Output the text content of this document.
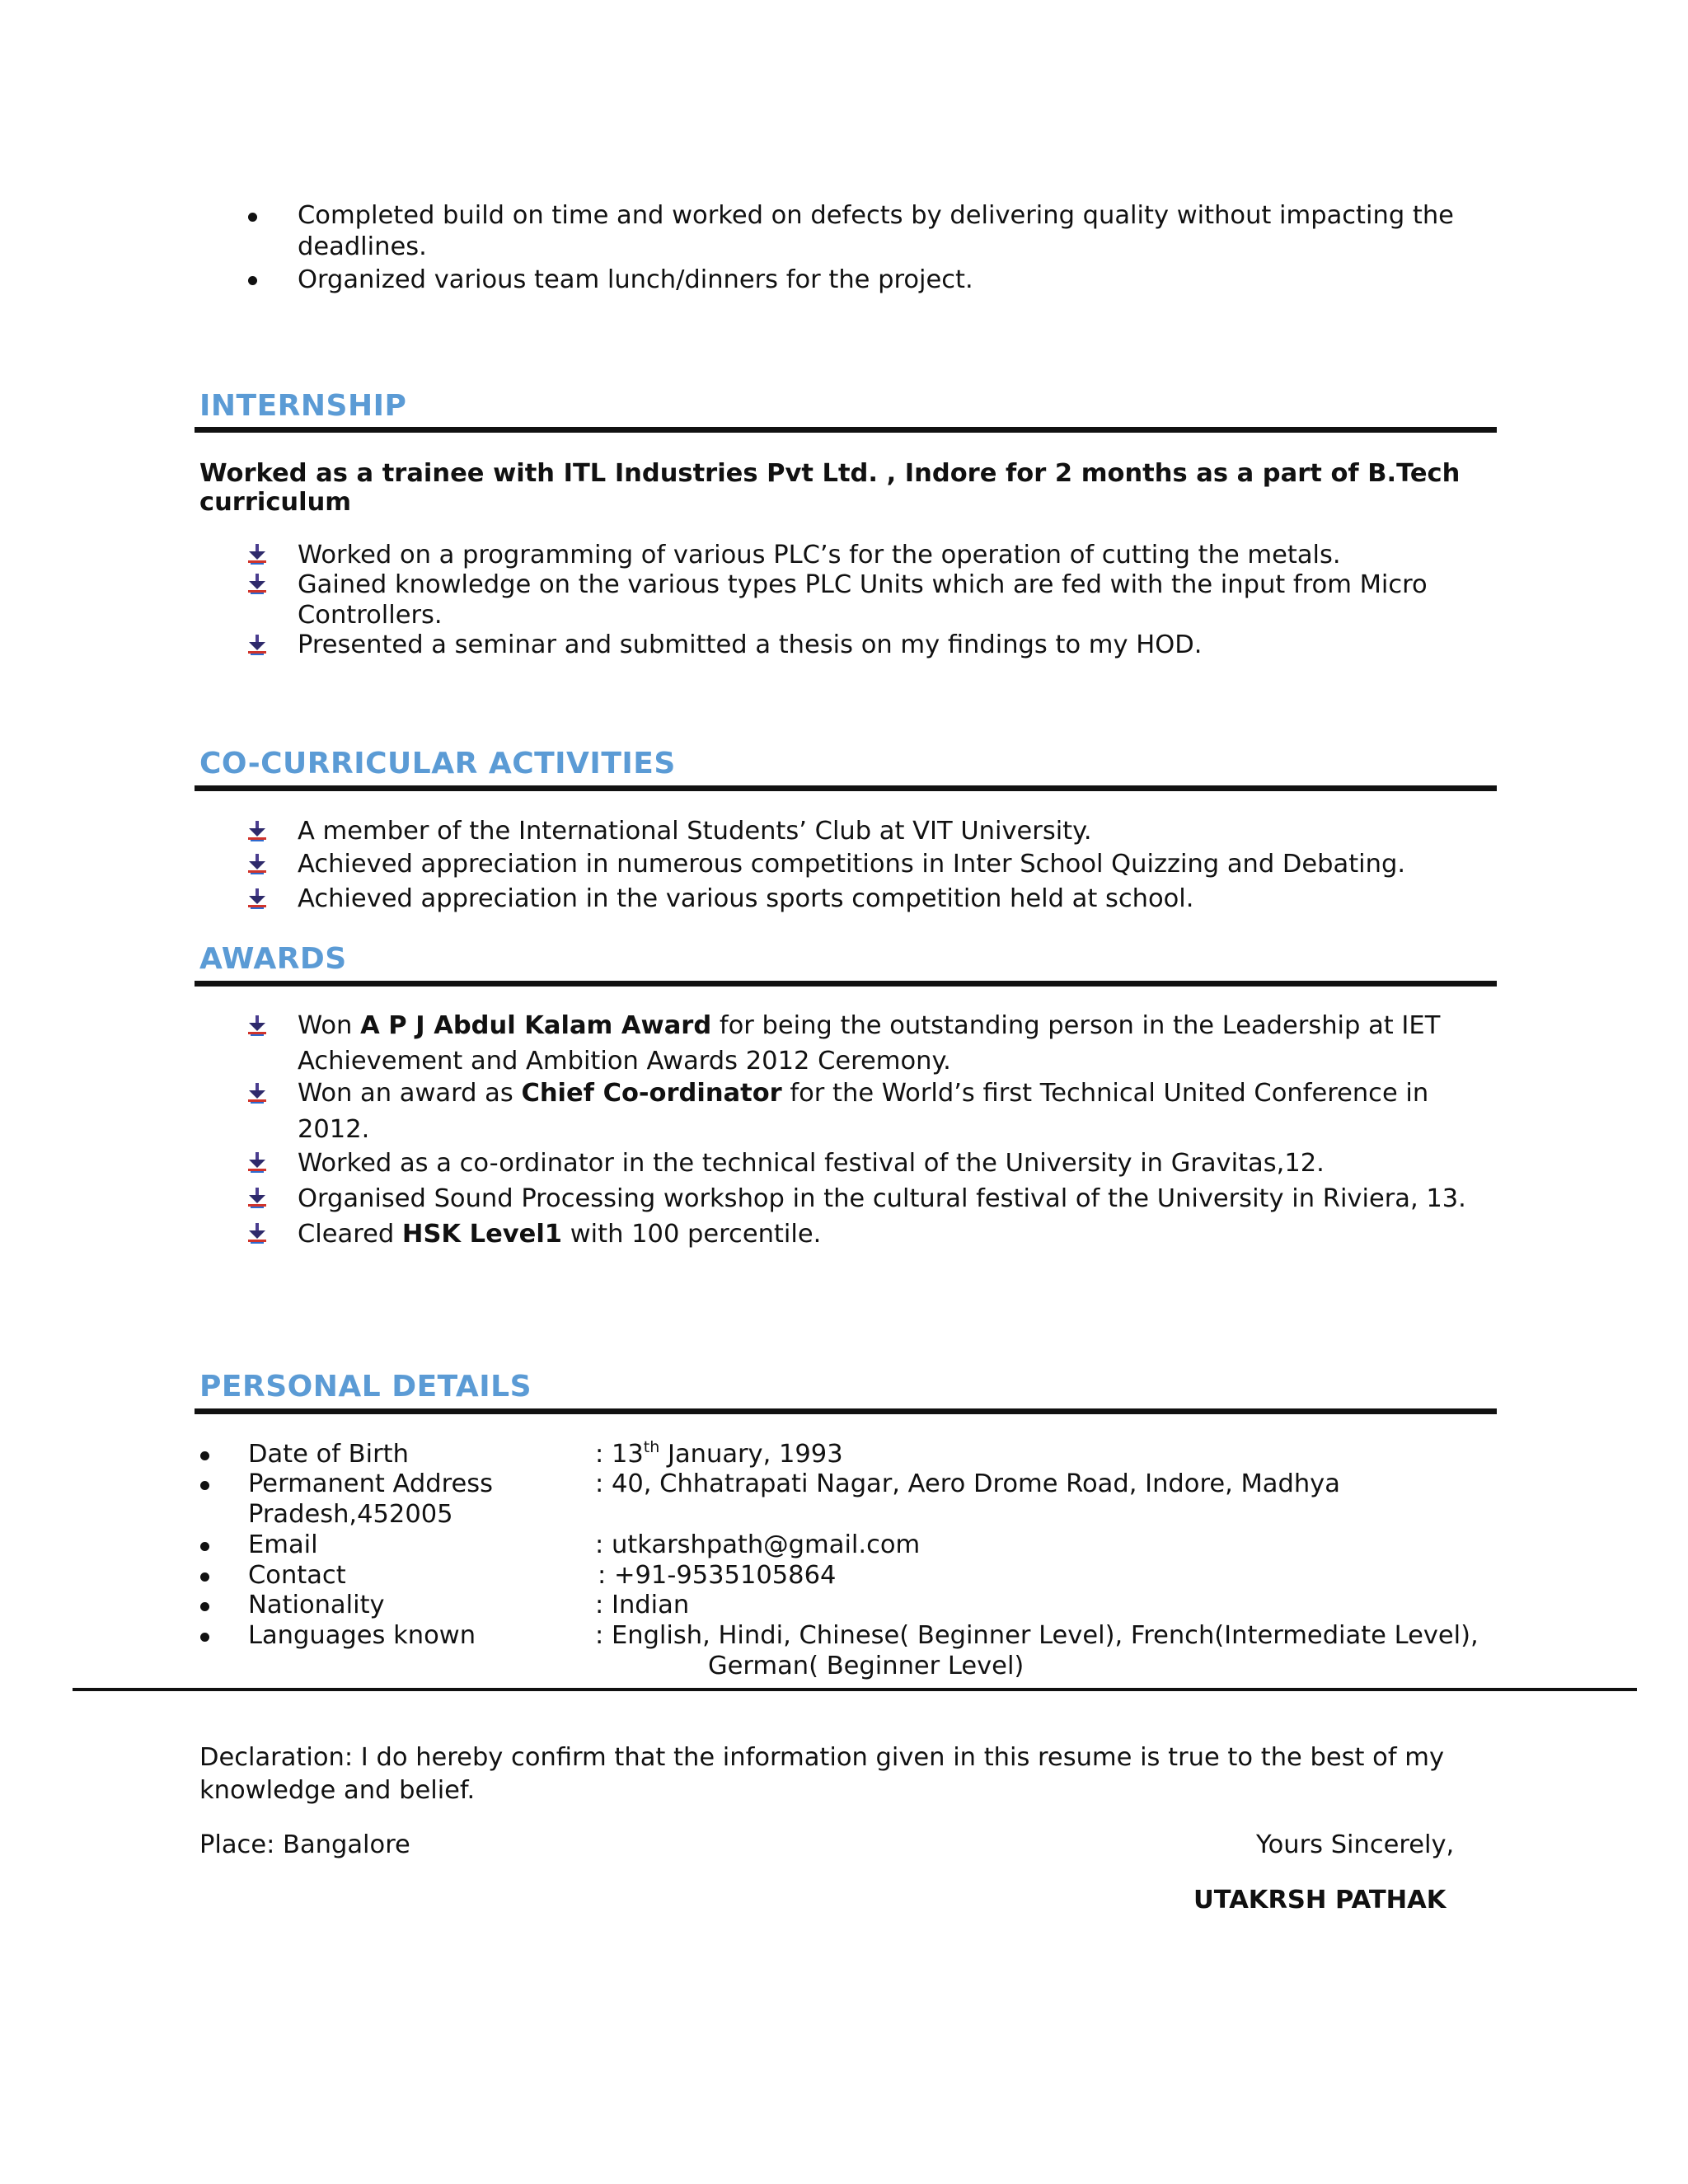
Completed build on time and worked on defects by delivering quality without impacting the
deadlines.
Organized various team lunch/dinners for the project.
INTERNSHIP
Worked as a trainee with ITL Industries Pvt Ltd. , Indore for 2 months as a part of B.Tech
curriculum
Worked on a programming of various PLC’s for the operation of cutting the metals.
Gained knowledge on the various types PLC Units which are fed with the input from Micro
Controllers.
Presented a seminar and submitted a thesis on my findings to my HOD.
CO-CURRICULAR ACTIVITIES
A member of the International Students’ Club at VIT University.
Achieved appreciation in numerous competitions in Inter School Quizzing and Debating.
Achieved appreciation in the various sports competition held at school.
AWARDS
Won A P J Abdul Kalam Award for being the outstanding person in the Leadership at IET
Achievement and Ambition Awards 2012 Ceremony.
Won an award as Chief Co-ordinator for the World’s first Technical United Conference in
2012.
Worked as a co-ordinator in the technical festival of the University in Gravitas,12.
Organised Sound Processing workshop in the cultural festival of the University in Riviera, 13.
Cleared HSK Level1 with 100 percentile.
PERSONAL DETAILS
Date of Birth	: 13th January, 1993
Permanent Address	: 40, Chhatrapati Nagar, Aero Drome Road, Indore, Madhya
Pradesh,452005
Email	: utkarshpath@gmail.com
Contact	: +91-9535105864
Nationality	: Indian
Languages known	: English, Hindi, Chinese( Beginner Level), French(Intermediate Level),
German( Beginner Level)
Declaration: I do hereby confirm that the information given in this resume is true to the best of my
knowledge and belief.
Place: Bangalore	Yours Sincerely,
UTAKRSH PATHAK
